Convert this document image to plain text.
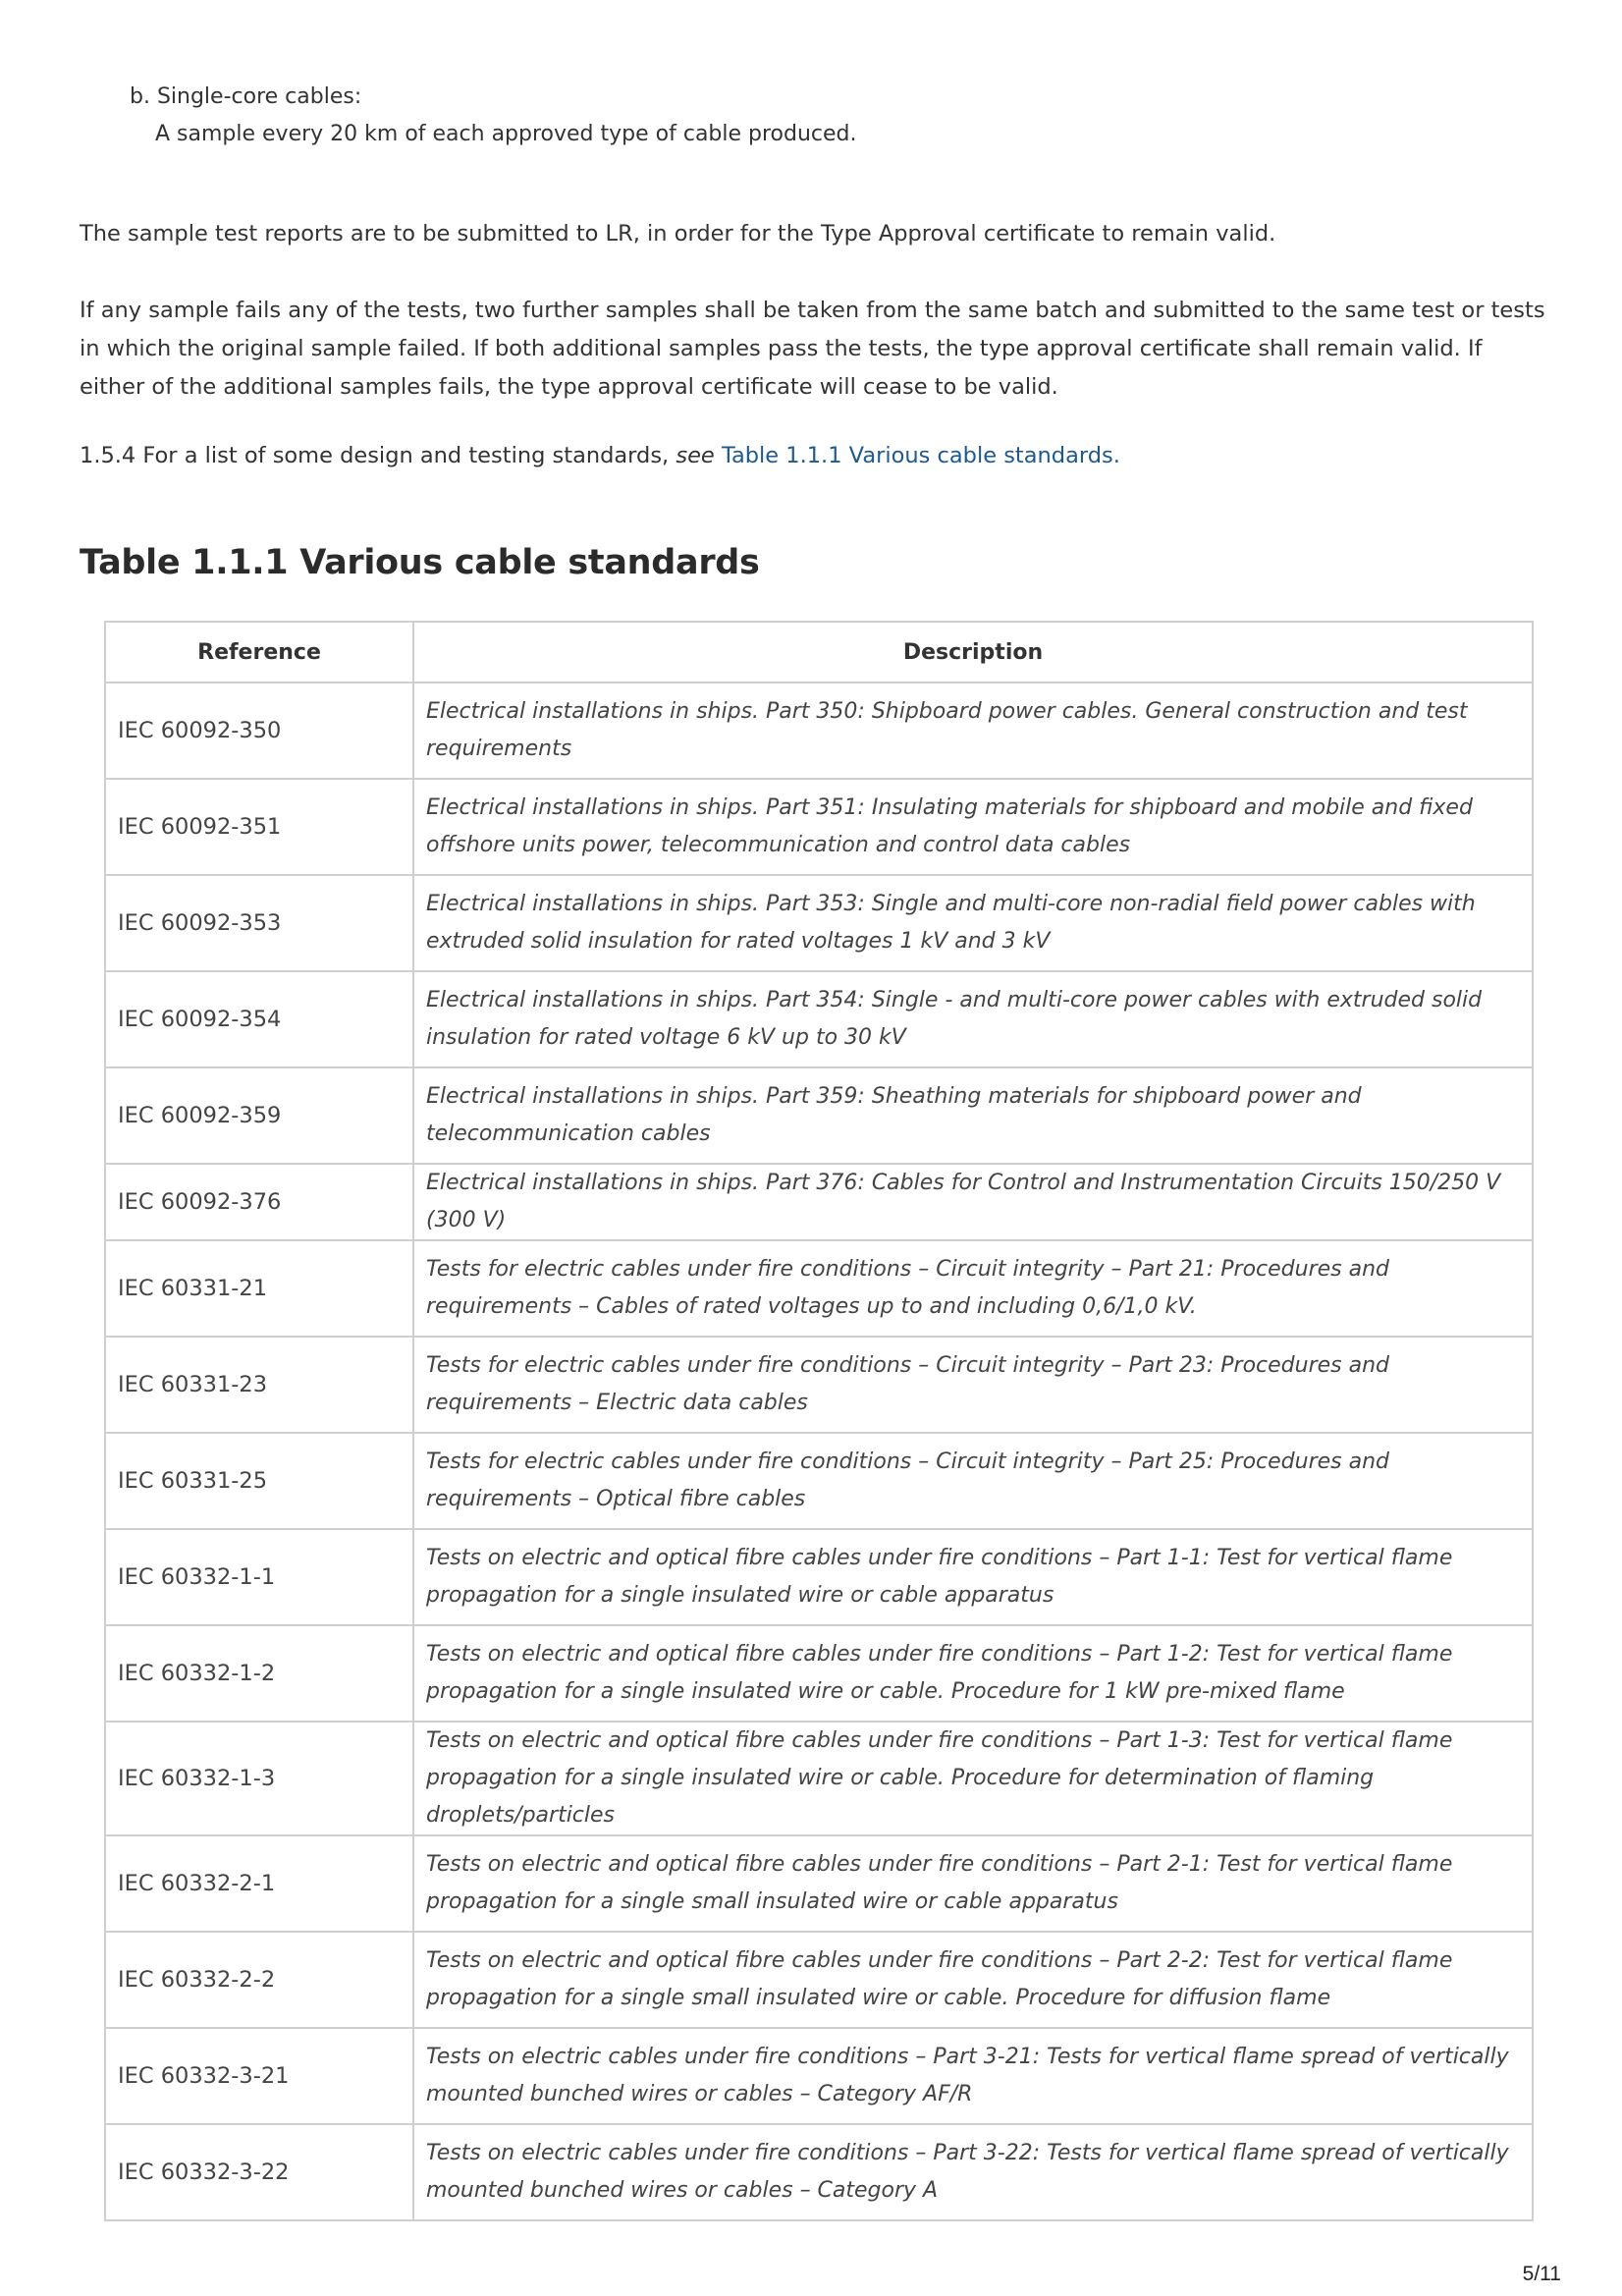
b. Single-core cables:
A sample every 20 km of each approved type of cable produced.

The sample test reports are to be submitted to LR, in order for the Type Approval certificate to remain valid.

If any sample fails any of the tests, two further samples shall be taken from the same batch and submitted to the same test or tests in which the original sample failed. If both additional samples pass the tests, the type approval certificate shall remain valid. If either of the additional samples fails, the type approval certificate will cease to be valid.

1.5.4 For a list of some design and testing standards, see Table 1.1.1 Various cable standards.

Table 1.1.1 Various cable standards
Reference	Description
IEC 60092-350	Electrical installations in ships. Part 350: Shipboard power cables. General construction and test requirements
IEC 60092-351	Electrical installations in ships. Part 351: Insulating materials for shipboard and mobile and fixed offshore units power, telecommunication and control data cables
IEC 60092-353	Electrical installations in ships. Part 353: Single and multi-core non-radial field power cables with extruded solid insulation for rated voltages 1 kV and 3 kV
IEC 60092-354	Electrical installations in ships. Part 354: Single - and multi-core power cables with extruded solid insulation for rated voltage 6 kV up to 30 kV
IEC 60092-359	Electrical installations in ships. Part 359: Sheathing materials for shipboard power and telecommunication cables
IEC 60092-376	Electrical installations in ships. Part 376: Cables for Control and Instrumentation Circuits 150/250 V (300 V)
IEC 60331-21	Tests for electric cables under fire conditions – Circuit integrity – Part 21: Procedures and requirements – Cables of rated voltages up to and including 0,6/1,0 kV.
IEC 60331-23	Tests for electric cables under fire conditions – Circuit integrity – Part 23: Procedures and requirements – Electric data cables
IEC 60331-25	Tests for electric cables under fire conditions – Circuit integrity – Part 25: Procedures and requirements – Optical fibre cables
IEC 60332-1-1	Tests on electric and optical fibre cables under fire conditions – Part 1-1: Test for vertical flame propagation for a single insulated wire or cable apparatus
IEC 60332-1-2	Tests on electric and optical fibre cables under fire conditions – Part 1-2: Test for vertical flame propagation for a single insulated wire or cable. Procedure for 1 kW pre-mixed flame
IEC 60332-1-3	Tests on electric and optical fibre cables under fire conditions – Part 1-3: Test for vertical flame propagation for a single insulated wire or cable. Procedure for determination of flaming droplets/particles
IEC 60332-2-1	Tests on electric and optical fibre cables under fire conditions – Part 2-1: Test for vertical flame propagation for a single small insulated wire or cable apparatus
IEC 60332-2-2	Tests on electric and optical fibre cables under fire conditions – Part 2-2: Test for vertical flame propagation for a single small insulated wire or cable. Procedure for diffusion flame
IEC 60332-3-21	Tests on electric cables under fire conditions – Part 3-21: Tests for vertical flame spread of vertically mounted bunched wires or cables – Category AF/R
IEC 60332-3-22	Tests on electric cables under fire conditions – Part 3-22: Tests for vertical flame spread of vertically mounted bunched wires or cables – Category A
5/11
